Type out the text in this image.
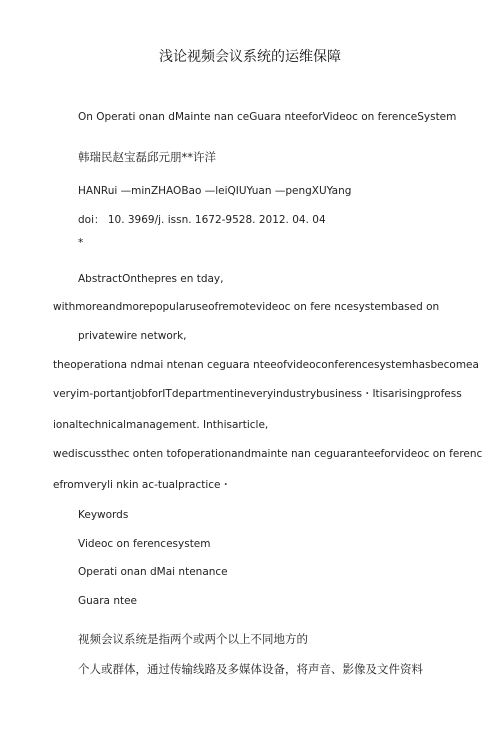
浅论视频会议系统的运维保障
On Operati onan dMainte nan ceGuara nteeforVideoc on ferenceSystem
韩瑞民赵宝磊邱元朋**许洋
HANRui —minZHAOBao —leiQIUYuan —pengXUYang
doi： 10. 3969/j. issn. 1672-9528. 2012. 04. 04
*
AbstractOnthepres en tday,
withmoreandmorepopularuseofremotevideoc on fere ncesystembased on
privatewire network,
theoperationa ndmai ntenan ceguara nteeofvideoconferencesystemhasbecomea
veryim-portantjobforITdepartmentineveryindustrybusiness・Itisarisingprofess
ionaltechnicalmanagement. Inthisarticle,
wediscussthec onten tofoperationandmainte nan ceguaranteeforvideoc on ferenc
efromveryli nkin ac-tualpractice・
Keywords
Videoc on ferencesystem
Operati onan dMai ntenance
Guara ntee
视频会议系统是指两个或两个以上不同地方的
个人或群体，通过传输线路及多媒体设备，将声音、影像及文件资料
